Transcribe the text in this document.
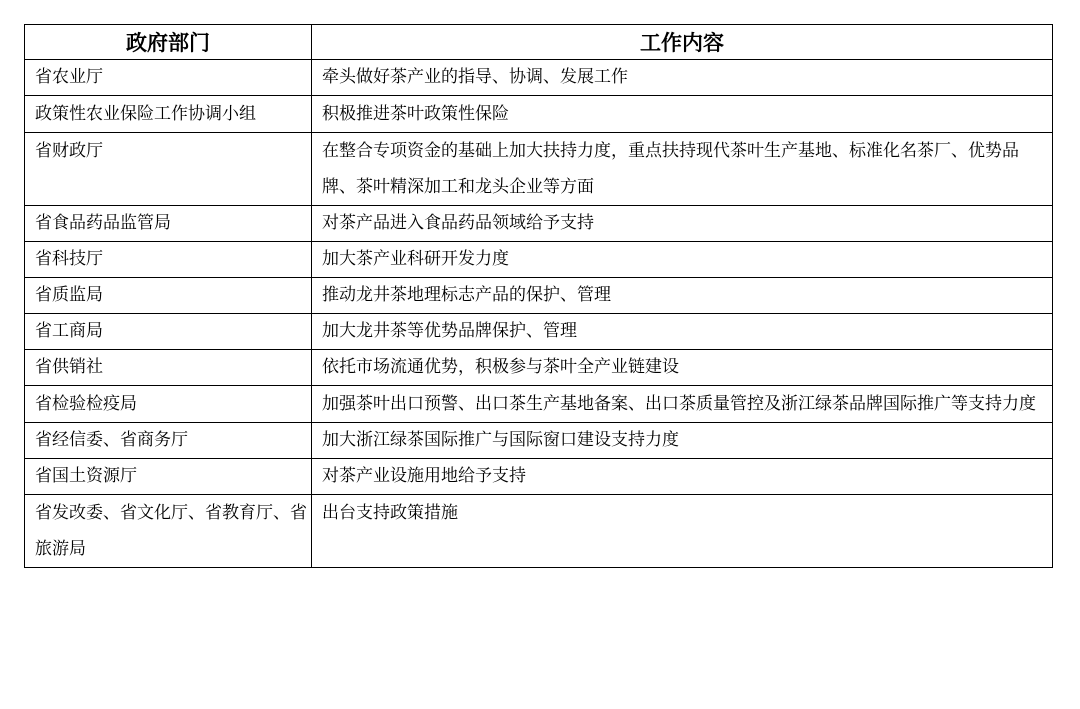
政府部门	工作内容
省农业厅	牵头做好茶产业的指导、协调、发展工作
政策性农业保险工作协调小组	积极推进茶叶政策性保险
省财政厅	在整合专项资金的基础上加大扶持力度，重点扶持现代茶叶生产基地、标准化名茶厂、优势品牌、茶叶精深加工和龙头企业等方面
省食品药品监管局	对茶产品进入食品药品领域给予支持
省科技厅	加大茶产业科研开发力度
省质监局	推动龙井茶地理标志产品的保护、管理
省工商局	加大龙井茶等优势品牌保护、管理
省供销社	依托市场流通优势，积极参与茶叶全产业链建设
省检验检疫局	加强茶叶出口预警、出口茶生产基地备案、出口茶质量管控及浙江绿茶品牌国际推广等支持力度
省经信委、省商务厅	加大浙江绿茶国际推广与国际窗口建设支持力度
省国土资源厅	对茶产业设施用地给予支持
省发改委、省文化厅、省教育厅、省旅游局	出台支持政策措施
